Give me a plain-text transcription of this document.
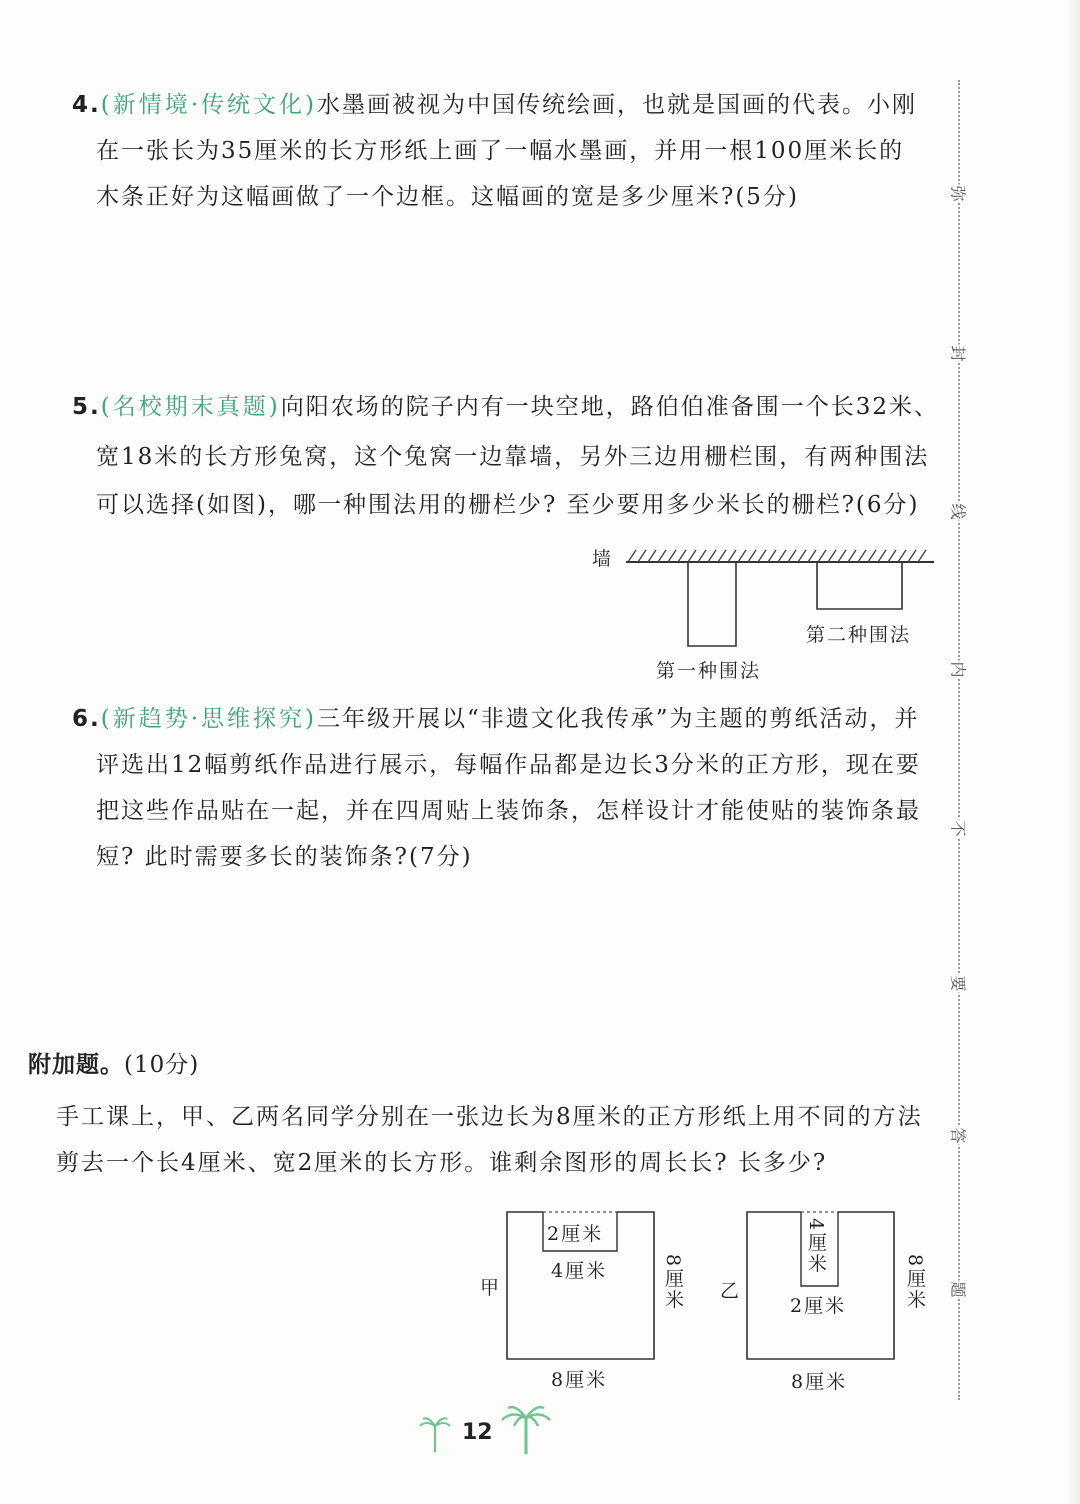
4.(新情境·传统文化)水墨画被视为中国传统绘画，也就是国画的代表。小刚
在一张长为35厘米的长方形纸上画了一幅水墨画，并用一根100厘米长的
木条正好为这幅画做了一个边框。这幅画的宽是多少厘米?(5分)
5.(名校期末真题)向阳农场的院子内有一块空地，路伯伯准备围一个长32米、
宽18米的长方形兔窝，这个兔窝一边靠墙，另外三边用栅栏围，有两种围法
可以选择(如图)，哪一种围法用的栅栏少? 至少要用多少米长的栅栏?(6分)
墙
第二种围法
第一种围法
6.(新趋势·思维探究)三年级开展以“非遗文化我传承”为主题的剪纸活动，并
评选出12幅剪纸作品进行展示，每幅作品都是边长3分米的正方形，现在要
把这些作品贴在一起，并在四周贴上装饰条，怎样设计才能使贴的装饰条最
短? 此时需要多长的装饰条?(7分)
附加题。(10分)
手工课上，甲、乙两名同学分别在一张边长为8厘米的正方形纸上用不同的方法
剪去一个长4厘米、宽2厘米的长方形。谁剩余图形的周长长? 长多少?
甲
2厘米
4厘米	8厘米
8厘米
乙
4厘米
2厘米	8厘米
8厘米
弥
封
线
内
不
要
答
题
12
